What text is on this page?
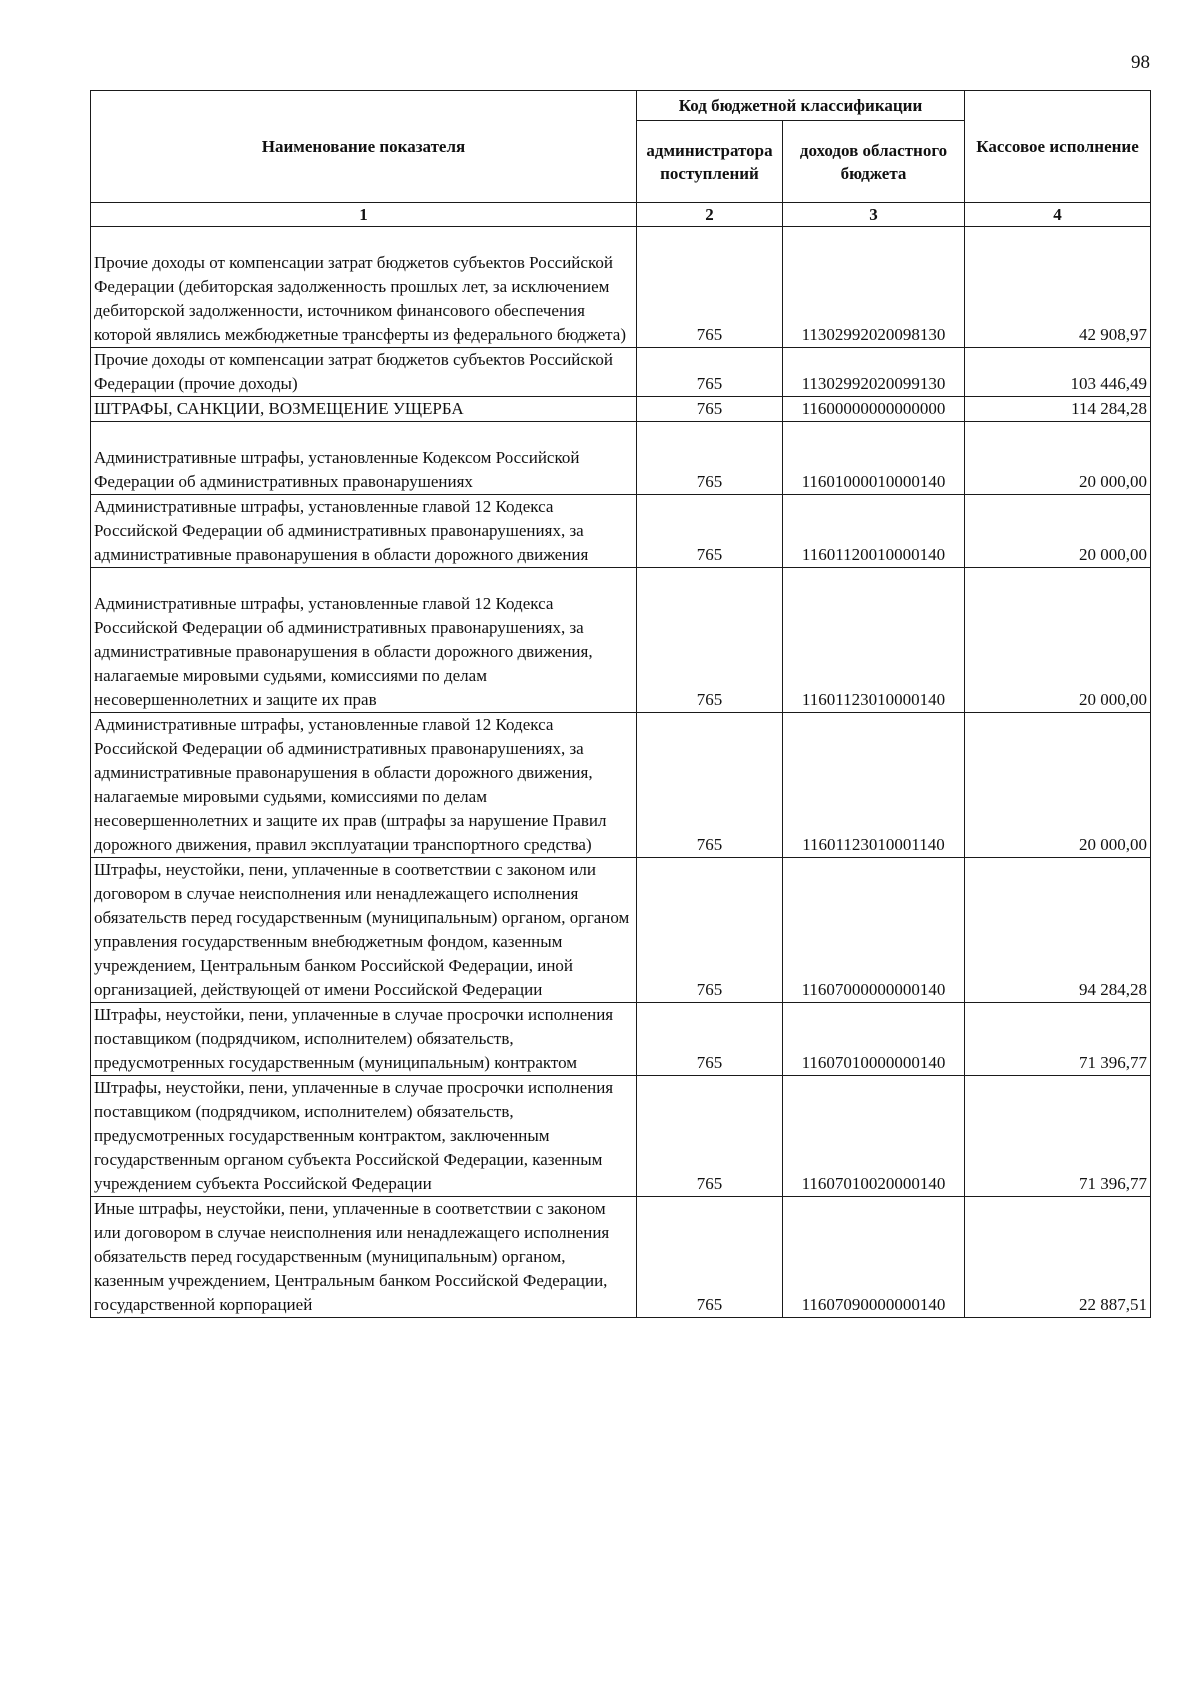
98
Наименование показателя	Код бюджетной классификации		Кассовое исполнение
	администратора поступлений	доходов областного бюджета	
1	2	3	4

Прочие доходы от компенсации затрат бюджетов субъектов Российской Федерации (дебиторская задолженность прошлых лет, за исключением дебиторской задолженности, источником финансового обеспечения которой являлись межбюджетные трансферты из федерального бюджета)	765	11302992020098130	42 908,97
Прочие доходы от компенсации затрат бюджетов субъектов Российской Федерации (прочие доходы)	765	11302992020099130	103 446,49
ШТРАФЫ, САНКЦИИ, ВОЗМЕЩЕНИЕ УЩЕРБА	765	11600000000000000	114 284,28

Административные штрафы, установленные Кодексом Российской Федерации об административных правонарушениях	765	11601000010000140	20 000,00
Административные штрафы, установленные главой 12 Кодекса Российской Федерации об административных правонарушениях, за административные правонарушения в области дорожного движения	765	11601120010000140	20 000,00

Административные штрафы, установленные главой 12 Кодекса Российской Федерации об административных правонарушениях, за административные правонарушения в области дорожного движения, налагаемые мировыми судьями, комиссиями по делам несовершеннолетних и защите их прав	765	11601123010000140	20 000,00
Административные штрафы, установленные главой 12 Кодекса Российской Федерации об административных правонарушениях, за административные правонарушения в области дорожного движения, налагаемые мировыми судьями, комиссиями по делам несовершеннолетних и защите их прав (штрафы за нарушение Правил дорожного движения, правил эксплуатации транспортного средства)	765	11601123010001140	20 000,00
Штрафы, неустойки, пени, уплаченные в соответствии с законом или договором в случае неисполнения или ненадлежащего исполнения обязательств перед государственным (муниципальным) органом, органом управления государственным внебюджетным фондом, казенным учреждением, Центральным банком Российской Федерации, иной организацией, действующей от имени Российской Федерации	765	11607000000000140	94 284,28
Штрафы, неустойки, пени, уплаченные в случае просрочки исполнения поставщиком (подрядчиком, исполнителем) обязательств, предусмотренных государственным (муниципальным) контрактом	765	11607010000000140	71 396,77
Штрафы, неустойки, пени, уплаченные в случае просрочки исполнения поставщиком (подрядчиком, исполнителем) обязательств, предусмотренных государственным контрактом, заключенным государственным органом субъекта Российской Федерации, казенным учреждением субъекта Российской Федерации	765	11607010020000140	71 396,77
Иные штрафы, неустойки, пени, уплаченные в соответствии с законом или договором в случае неисполнения или ненадлежащего исполнения обязательств перед государственным (муниципальным) органом, казенным учреждением, Центральным банком Российской Федерации, государственной корпорацией	765	11607090000000140	22 887,51
